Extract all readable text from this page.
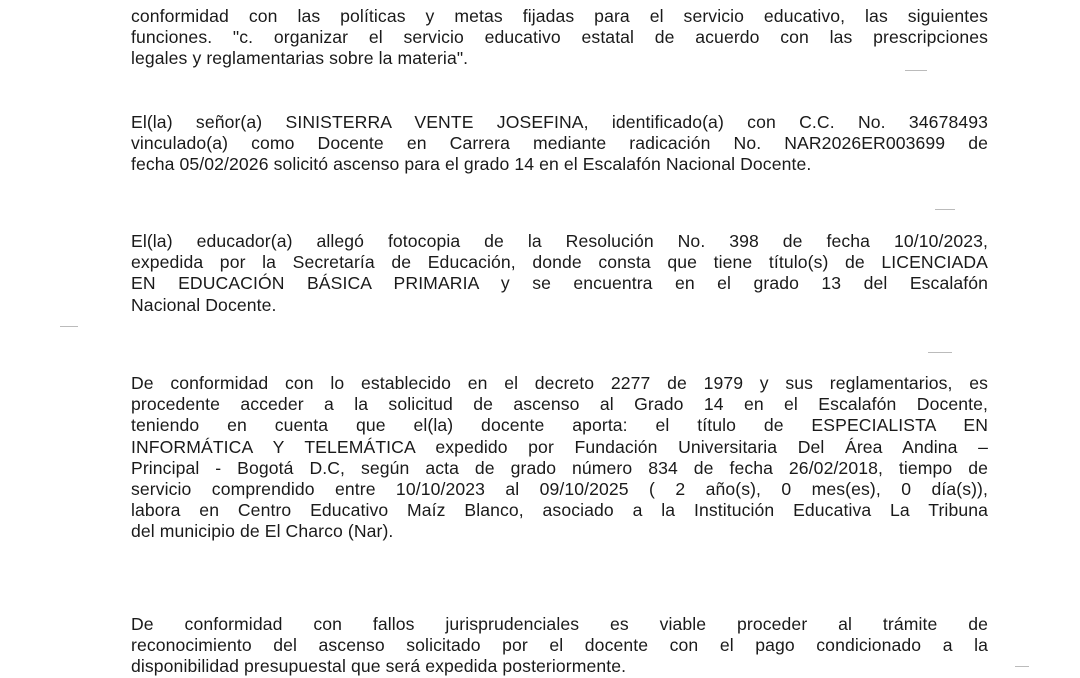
conformidad con las políticas y metas fijadas para el servicio educativo, las siguientes
funciones. "c. organizar el servicio educativo estatal de acuerdo con las prescripciones
legales y reglamentarias sobre la materia".
El(la) señor(a) SINISTERRA VENTE JOSEFINA, identificado(a) con C.C. No. 34678493
vinculado(a) como Docente en Carrera mediante radicación No. NAR2026ER003699 de
fecha 05/02/2026 solicitó ascenso para el grado 14 en el Escalafón Nacional Docente.
El(la) educador(a) allegó fotocopia de la Resolución No. 398 de fecha 10/10/2023,
expedida por la Secretaría de Educación, donde consta que tiene título(s) de LICENCIADA
EN EDUCACIÓN BÁSICA PRIMARIA y se encuentra en el grado 13 del Escalafón
Nacional Docente.
De conformidad con lo establecido en el decreto 2277 de 1979 y sus reglamentarios, es
procedente acceder a la solicitud de ascenso al Grado 14 en el Escalafón Docente,
teniendo en cuenta que el(la) docente aporta: el título de ESPECIALISTA EN
INFORMÁTICA Y TELEMÁTICA expedido por Fundación Universitaria Del Área Andina –
Principal - Bogotá D.C, según acta de grado número 834 de fecha 26/02/2018, tiempo de
servicio comprendido entre 10/10/2023 al 09/10/2025 ( 2 año(s), 0 mes(es), 0 día(s)),
labora en Centro Educativo Maíz Blanco, asociado a la Institución Educativa La Tribuna
del municipio de El Charco (Nar).
De conformidad con fallos jurisprudenciales es viable proceder al trámite de
reconocimiento del ascenso solicitado por el docente con el pago condicionado a la
disponibilidad presupuestal que será expedida posteriormente.
